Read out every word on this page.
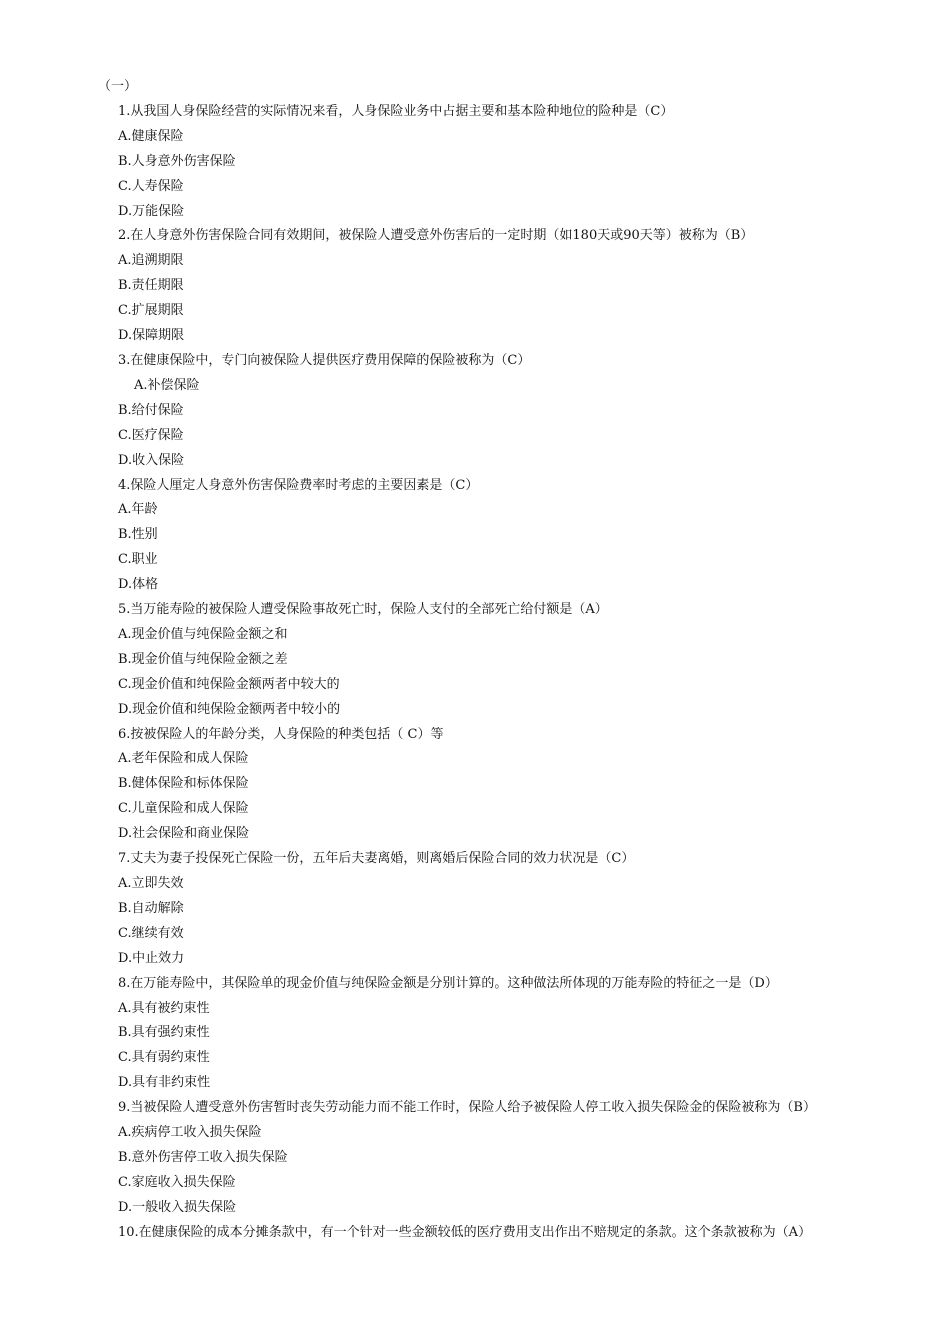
（一）
1.从我国人身保险经营的实际情况来看，人身保险业务中占据主要和基本险种地位的险种是（C）
A.健康保险
B.人身意外伤害保险
C.人寿保险
D.万能保险
2.在人身意外伤害保险合同有效期间，被保险人遭受意外伤害后的一定时期（如180天或90天等）被称为（B）
A.追溯期限
B.责任期限
C.扩展期限
D.保障期限
3.在健康保险中，专门向被保险人提供医疗费用保障的保险被称为（C）
A.补偿保险
B.给付保险
C.医疗保险
D.收入保险
4.保险人厘定人身意外伤害保险费率时考虑的主要因素是（C）
A.年龄
B.性别
C.职业
D.体格
5.当万能寿险的被保险人遭受保险事故死亡时，保险人支付的全部死亡给付额是（A）
A.现金价值与纯保险金额之和
B.现金价值与纯保险金额之差
C.现金价值和纯保险金额两者中较大的
D.现金价值和纯保险金额两者中较小的
6.按被保险人的年龄分类，人身保险的种类包括（ C）等
A.老年保险和成人保险
B.健体保险和标体保险
C.儿童保险和成人保险
D.社会保险和商业保险
7.丈夫为妻子投保死亡保险一份，五年后夫妻离婚，则离婚后保险合同的效力状况是（C）
A.立即失效
B.自动解除
C.继续有效
D.中止效力
8.在万能寿险中，其保险单的现金价值与纯保险金额是分别计算的。这种做法所体现的万能寿险的特征之一是（D）
A.具有被约束性
B.具有强约束性
C.具有弱约束性
D.具有非约束性
9.当被保险人遭受意外伤害暂时丧失劳动能力而不能工作时，保险人给予被保险人停工收入损失保险金的保险被称为（B）
A.疾病停工收入损失保险
B.意外伤害停工收入损失保险
C.家庭收入损失保险
D.一般收入损失保险
10.在健康保险的成本分摊条款中，有一个针对一些金额较低的医疗费用支出作出不赔规定的条款。这个条款被称为（A）
